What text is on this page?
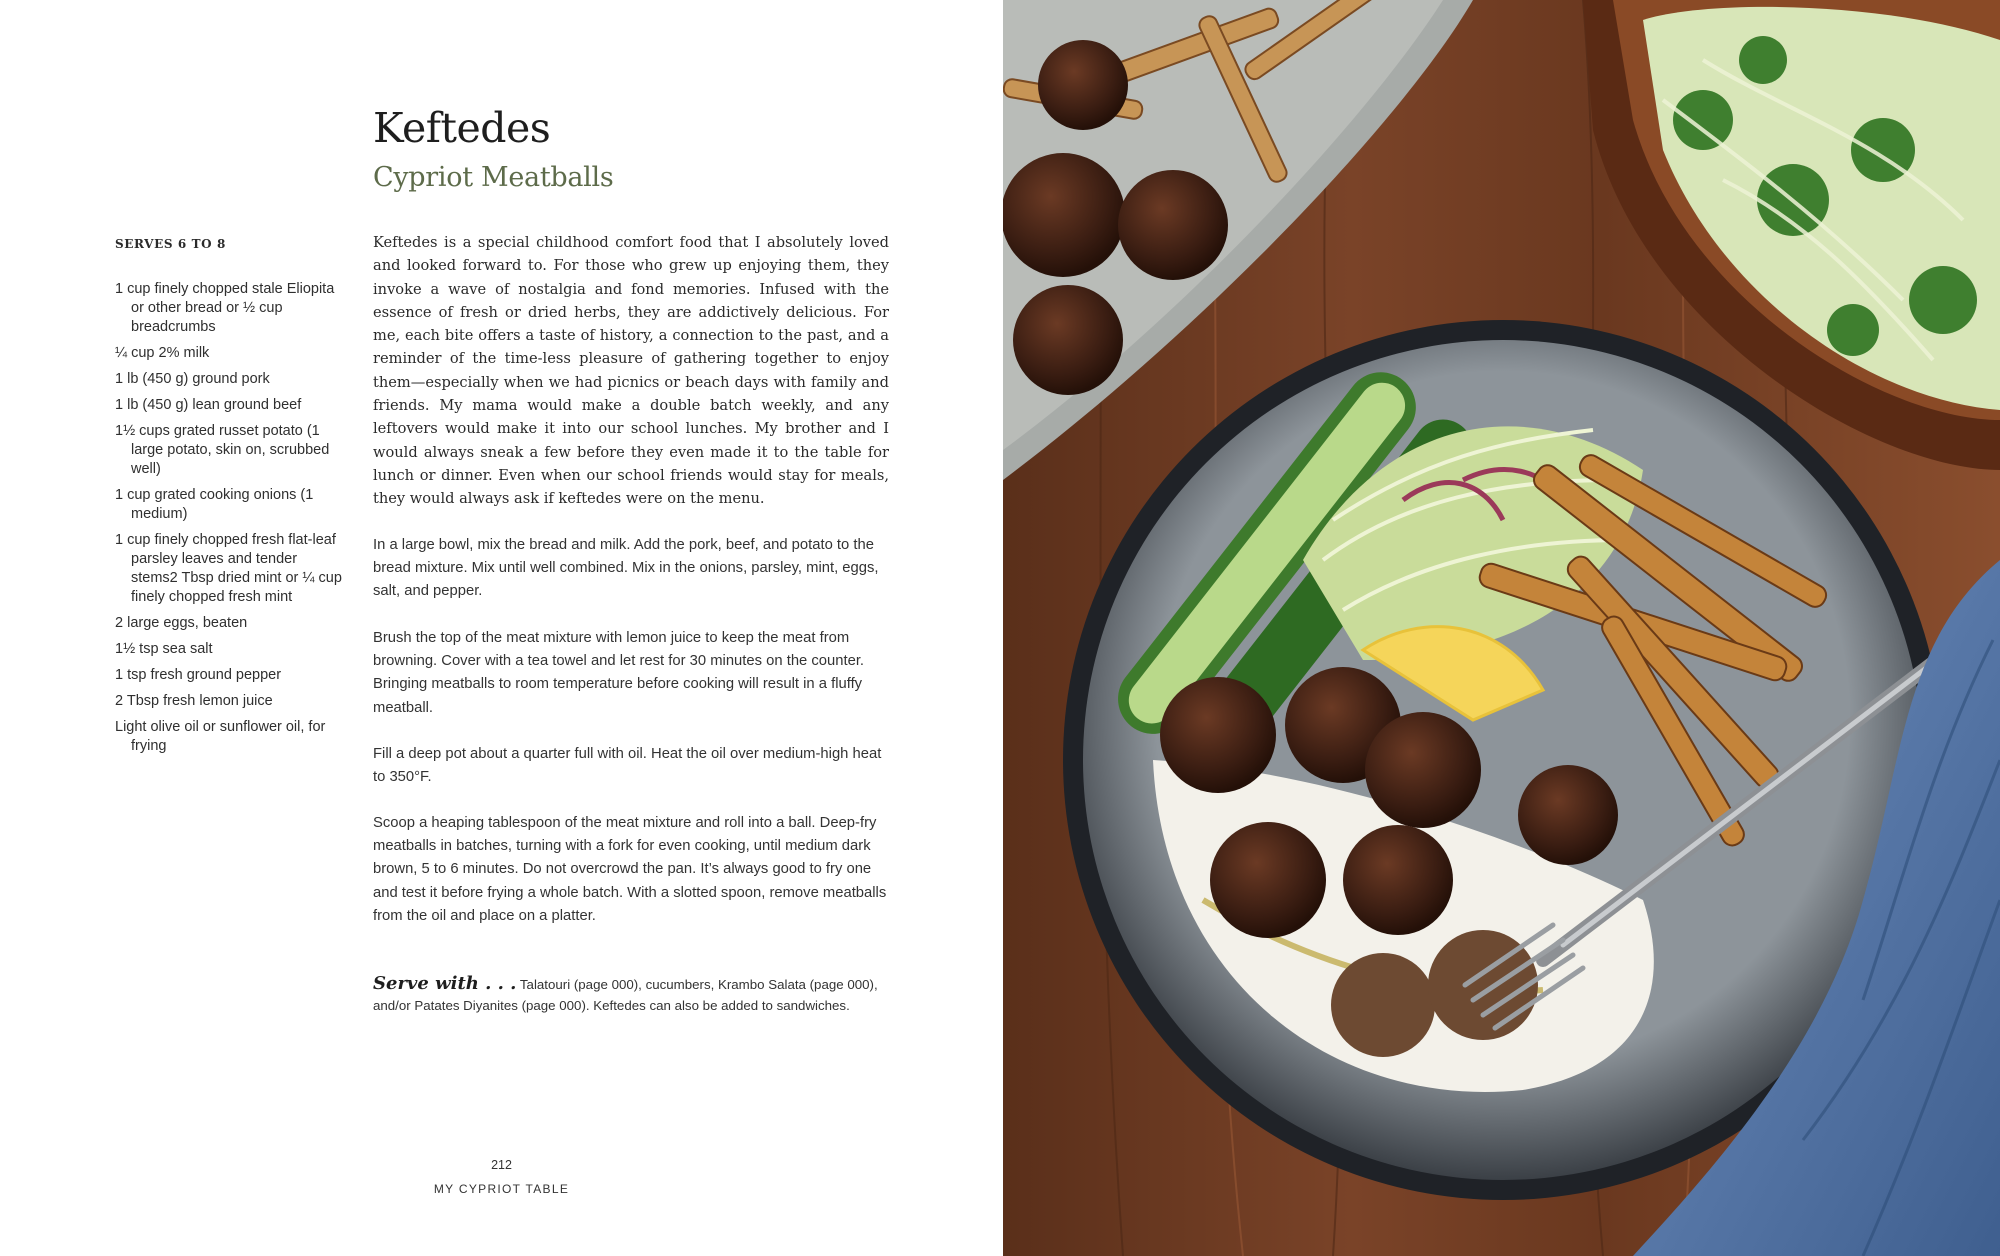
Keftedes
Cypriot Meatballs
SERVES 6 TO 8
1 cup finely chopped stale Eliopita or other bread or ½ cup breadcrumbs
¼ cup 2% milk
1 lb (450 g) ground pork
1 lb (450 g) lean ground beef
1½ cups grated russet potato (1 large potato, skin on, scrubbed well)
1 cup grated cooking onions (1 medium)
1 cup finely chopped fresh flat-leaf parsley leaves and tender stems2 Tbsp dried mint or ¼ cup finely chopped fresh mint
2 large eggs, beaten
1½ tsp sea salt
1 tsp fresh ground pepper
2 Tbsp fresh lemon juice
Light olive oil or sunflower oil, for frying

Keftedes is a special childhood comfort food that I absolutely loved and looked forward to. For those who grew up enjoying them, they invoke a wave of nostalgia and fond memories. Infused with the essence of fresh or dried herbs, they are addictively delicious. For me, each bite offers a taste of history, a connection to the past, and a reminder of the time-less pleasure of gathering together to enjoy them—especially when we had picnics or beach days with family and friends. My mama would make a double batch weekly, and any leftovers would make it into our school lunches. My brother and I would always sneak a few before they even made it to the table for lunch or dinner. Even when our school friends would stay for meals, they would always ask if keftedes were on the menu.

In a large bowl, mix the bread and milk. Add the pork, beef, and potato to the bread mixture. Mix until well combined. Mix in the onions, parsley, mint, eggs, salt, and pepper.

Brush the top of the meat mixture with lemon juice to keep the meat from browning. Cover with a tea towel and let rest for 30 minutes on the counter. Bringing meatballs to room temperature before cooking will result in a fluffy meatball.

Fill a deep pot about a quarter full with oil. Heat the oil over medium-high heat to 350°F.

Scoop a heaping tablespoon of the meat mixture and roll into a ball. Deep-fry meatballs in batches, turning with a fork for even cooking, until medium dark brown, 5 to 6 minutes. Do not overcrowd the pan. It’s always good to fry one and test it before frying a whole batch. With a slotted spoon, remove meatballs from the oil and place on a platter.

Serve with . . . Talatouri (page 000), cucumbers, Krambo Salata (page 000), and/or Patates Diyanites (page 000). Keftedes can also be added to sandwiches.

212
MY CYPRIOT TABLE
